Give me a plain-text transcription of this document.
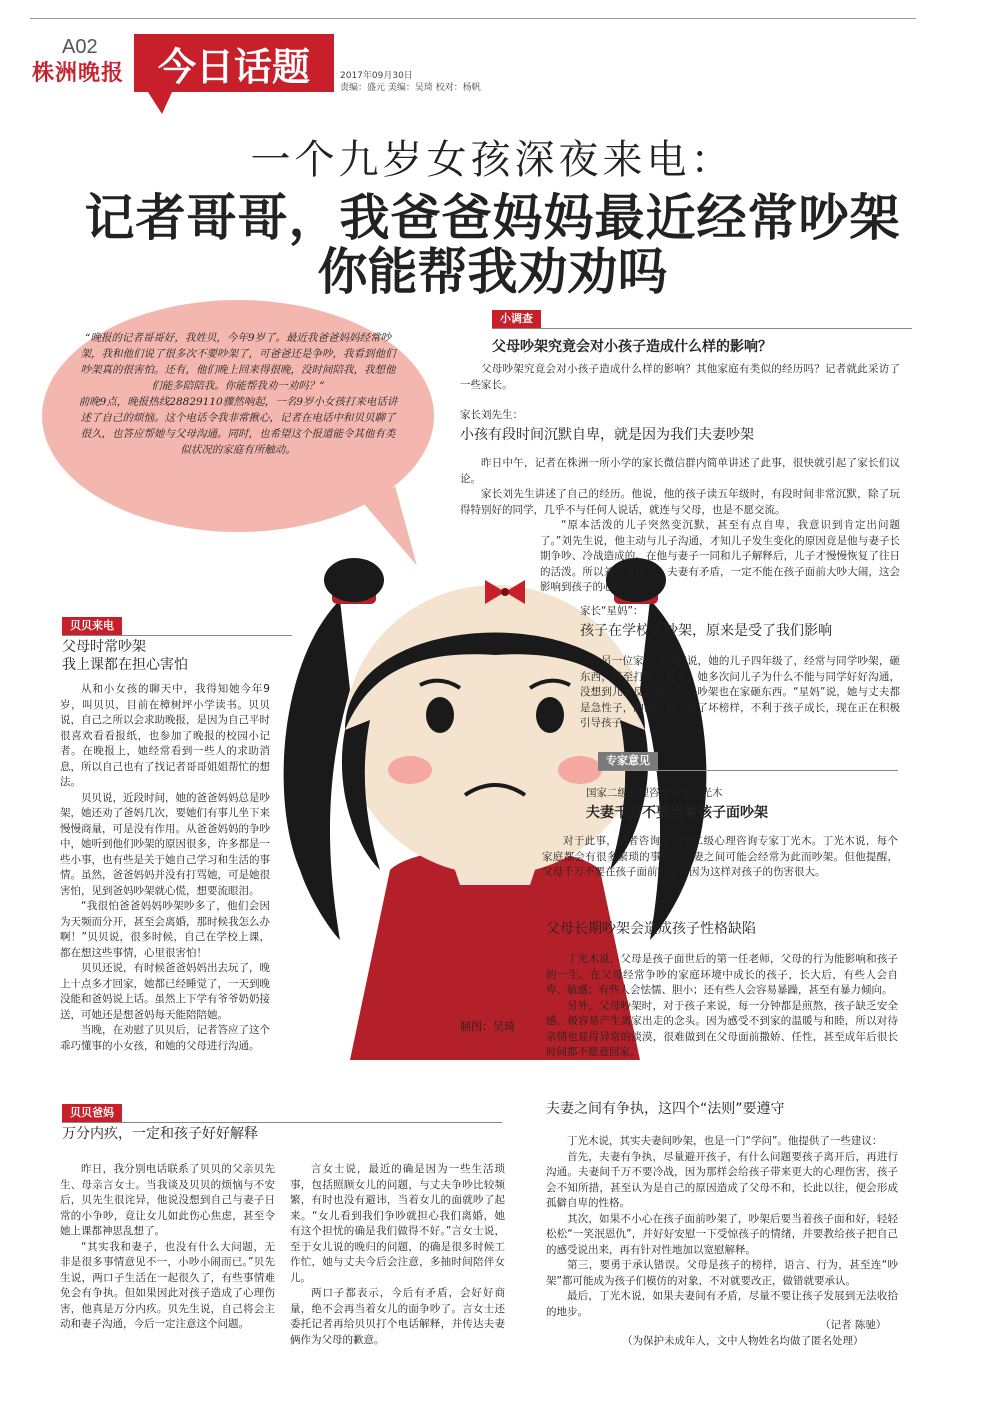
A02
株洲晚报 今日话题	2017年09月30日
责编：盛元 美编：吴琦 校对：杨帆
一个九岁女孩深夜来电：
记者哥哥，我爸爸妈妈最近经常吵架
你能帮我劝劝吗

“晚报的记者哥哥好，我姓贝，今年9岁了。最近我爸爸妈妈经常吵架，我和他们说了很多次不要吵架了，可爸爸还是争吵，我看到他们吵架真的很害怕。还有，他们晚上回来得很晚，没时间陪我，我想他们能多陪陪我。你能帮我劝一劝吗？”

前晚9点，晚报热线28829110骤然响起，一名9岁小女孩打来电话讲述了自己的烦恼。这个电话令我非常揪心，记者在电话中和贝贝聊了很久，也答应帮她与父母沟通。同时，也希望这个报道能令其他有类似状况的家庭有所触动。

制图：吴琦
贝贝来电
父母时常吵架
我上课都在担心害怕

从和小女孩的聊天中，我得知她今年9岁，叫贝贝，目前在樟树坪小学读书。贝贝说，自己之所以会求助晚报，是因为自己平时很喜欢看看报纸，也参加了晚报的校园小记者。在晚报上，她经常看到一些人的求助消息，所以自己也有了找记者哥哥姐姐帮忙的想法。

贝贝说，近段时间，她的爸爸妈妈总是吵架，她还劝了爸妈几次，要她们有事儿坐下来慢慢商量，可是没有作用。从爸爸妈妈的争吵中，她听到他们吵架的原因很多，许多都是一些小事，也有些是关于她自己学习和生活的事情。虽然，爸爸妈妈并没有打骂她，可是她很害怕，见到爸妈吵架就心慌，想要流眼泪。

“我很怕爸爸妈妈吵架吵多了，他们会因为天频而分开，甚至会离婚，那时候我怎么办啊！”贝贝说，很多时候，自己在学校上课，都在想这些事情，心里很害怕！

贝贝还说，有时候爸爸妈妈出去玩了，晚上十点多才回家，她都已经睡觉了，一天到晚没能和爸妈说上话。虽然上下学有爷爷奶奶接送，可她还是想爸妈每天能陪陪她。

当晚，在劝慰了贝贝后，记者答应了这个乖巧懂事的小女孩，和她的父母进行沟通。

贝贝爸妈
万分内疚，一定和孩子好好解释

昨日，我分别电话联系了贝贝的父亲贝先生、母亲言女士。当我谈及贝贝的烦恼与不安后，贝先生很诧异，他说没想到自己与妻子日常的小争吵，竟让女儿如此伤心焦虑，甚至令她上课都神思乱想了。

“其实我和妻子，也没有什么大问题，无非是很多事情意见不一，小吵小闹而已。”贝先生说，两口子生活在一起很久了，有些事情难免会有争执。但如果因此对孩子造成了心理伤害，他真是万分内疚。贝先生说，自己将会主动和妻子沟通，今后一定注意这个问题。

言女士说，最近的确是因为一些生活琐事，包括照顾女儿的问题，与丈夫争吵比较频繁，有时也没有避讳，当着女儿的面就吵了起来。“女儿看到我们争吵就担心我们离婚，她有这个担忧的确是我们做得不好。”言女士说，至于女儿说的晚归的问题，的确是很多时候工作忙，她与丈夫今后会注意，多抽时间陪伴女儿。

两口子都表示，今后有矛盾，会好好商量，绝不会再当着女儿的面争吵了。言女士还委托记者再给贝贝打个电话解释，并传达夫妻俩作为父母的歉意。

小调查
父母吵架究竟会对小孩子造成什么样的影响？

父母吵架究竟会对小孩子造成什么样的影响？其他家庭有类似的经历吗？记者就此采访了一些家长。

家长刘先生：
小孩有段时间沉默自卑，就是因为我们夫妻吵架

昨日中午，记者在株洲一所小学的家长微信群内简单讲述了此事，很快就引起了家长们议论。

家长刘先生讲述了自己的经历。他说，他的孩子读五年级时，有段时间非常沉默，除了玩得特别好的同学，几乎不与任何人说话，就连与父母，也是不愿交流。

“原本活泼的儿子突然变沉默，甚至有点自卑，我意识到肯定出问题了。”刘先生说，他主动与儿子沟通，才知儿子发生变化的原因竟是他与妻子长期争吵、冷战造成的。在他与妻子一同和儿子解释后，儿子才慢慢恢复了往日的活泼。所以刘先生认为，夫妻有矛盾，一定不能在孩子面前大吵大闹，这会影响到孩子的心性。

家长“星妈”：
孩子在学校爱吵架，原来是受了我们影响

另一位家长“星妈”说，她的儿子四年级了，经常与同学吵架，砸东西，甚至打架。她说，她多次问儿子为什么不能与同学好好沟通，没想到儿子反驳她，爸妈吵架也在家砸东西。“星妈”说，她与丈夫都是急性子，的确给儿子做了坏榜样，不利于孩子成长，现在正在积极引导孩子。

专家意见
国家二级心理咨询专家丁光木
夫妻千万不要当着孩子面吵架

对于此事，记者咨询了国家二级心理咨询专家丁光木。丁光木说，每个家庭都会有很多繁琐的事情，夫妻之间可能会经常为此而吵架。但他提醒，父母千万不要在孩子面前吵架，因为这样对孩子的伤害很大。

父母长期吵架会造成孩子性格缺陷

丁光木说，父母是孩子面世后的第一任老师，父母的行为能影响和孩子的一生。在父母经常争吵的家庭环境中成长的孩子，长大后，有些人会自卑、敏感；有些人会怯懦、胆小；还有些人会容易暴躁，甚至有暴力倾向。

另外，父母吵架时，对于孩子来说，每一分钟都是煎熬，孩子缺乏安全感，极容易产生离家出走的念头。因为感受不到家的温暖与和睦，所以对待亲情也显得异常的淡漠，很难做到在父母面前撒娇、任性，甚至成年后很长时间都不愿意回家。

夫妻之间有争执，这四个“法则”要遵守

丁光木说，其实夫妻间吵架，也是一门“学问”。他提供了一些建议：

首先，夫妻有争执，尽量避开孩子，有什么问题要孩子离开后，再进行沟通。夫妻间千万不要冷战，因为那样会给孩子带来更大的心理伤害，孩子会不知所措，甚至认为是自己的原因造成了父母不和，长此以往，便会形成孤僻自卑的性格。

其次，如果不小心在孩子面前吵架了，吵架后要当着孩子面和好，轻轻松松“一笑泯恩仇”，并好好安慰一下受惊孩子的情绪，并要教给孩子把自己的感受说出来，再有针对性地加以宽慰解释。

第三，要勇于承认错误。父母是孩子的榜样，语言、行为，甚至连“吵架”都可能成为孩子们模仿的对象，不对就要改正，做错就要承认。

最后，丁光木说，如果夫妻间有矛盾，尽量不要让孩子发展到无法收拾的地步。

（记者 陈驰）
（为保护未成年人，文中人物姓名均做了匿名处理）
